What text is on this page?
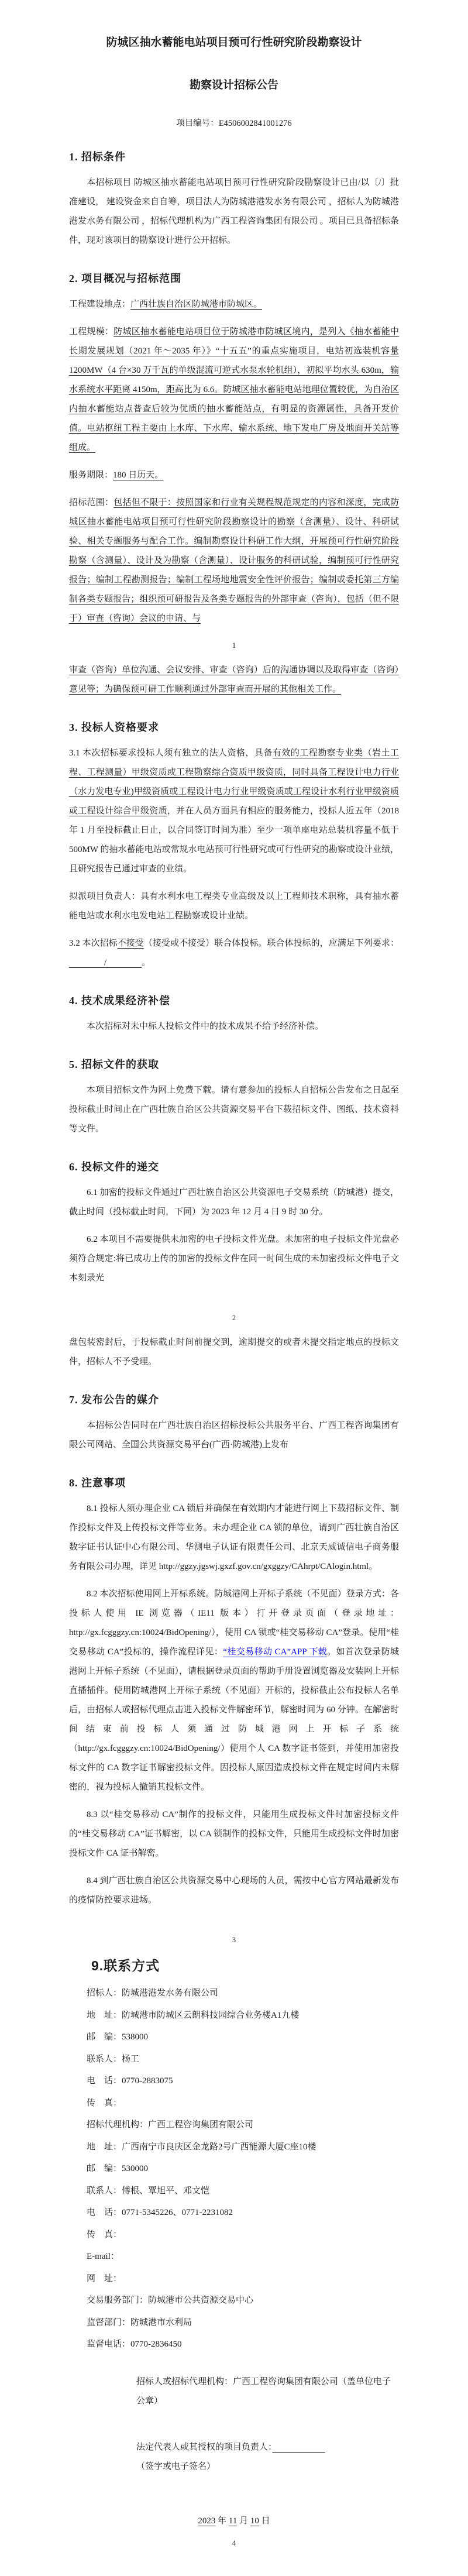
防城区抽水蓄能电站项目预可行性研究阶段勘察设计
勘察设计招标公告

项目编号：E4506002841001276

1. 招标条件

本招标项目 防城区抽水蓄能电站项目预可行性研究阶段勘察设计已由/以〔/〕批准建设， 建设资金来自自筹，项目法人为防城港港发水务有限公司 ，招标人为防城港港发水务有限公司 ，招标代理机构为广西工程咨询集团有限公司 。项目已具备招标条件，现对该项目的勘察设计进行公开招标。

2. 项目概况与招标范围

工程建设地点：广西壮族自治区防城港市防城区。

工程规模：防城区抽水蓄能电站项目位于防城港市防城区境内，是列入《抽水蓄能中长期发展规划（2021 年～2035 年）》“十五五”的重点实施项目，电站初选装机容量 1200MW（4 台×30 万千瓦的单级混流可逆式水泵水轮机组），初拟平均水头 630m，输水系统水平距离 4150m，距高比为 6.6。防城区抽水蓄能电站地理位置较优，为自治区内抽水蓄能站点普查后较为优质的抽水蓄能站点，有明显的资源属性，具备开发价值。电站枢纽工程主要由上水库、下水库、输水系统、地下发电厂房及地面开关站等组成。

服务期限：180 日历天。

招标范围：包括但不限于：按照国家和行业有关规程规范规定的内容和深度，完成防城区抽水蓄能电站项目预可行性研究阶段勘察设计的勘察（含测量）、设计、科研试验、相关专题服务与配合工作。编制勘察设计科研工作大纲，开展预可行性研究阶段勘察（含测量）、设计及为勘察（含测量）、设计服务的科研试验，编制预可行性研究报告；编制工程勘测报告；编制工程场地地震安全性评价报告；编制或委托第三方编制各类专题报告；组织预可研报告及各类专题报告的外部审查（咨询），包括（但不限于）审查（咨询）会议的申请、与

1

审查（咨询）单位沟通、会议安排、审查（咨询）后的沟通协调以及取得审查（咨询）意见等；为确保预可研工作顺利通过外部审查而开展的其他相关工作。

3. 投标人资格要求

3.1 本次招标要求投标人须有独立的法人资格，具备有效的工程勘察专业类（岩土工程、工程测量）甲级资质或工程勘察综合资质甲级资质，同时具备工程设计电力行业（水力发电专业)甲级资质或工程设计电力行业甲级资质或工程设计水利行业甲级资质或工程设计综合甲级资质，并在人员方面具有相应的服务能力，投标人近五年（2018 年 1 月至投标截止日止，以合同签订时间为准）至少一项单座电站总装机容量不低于 500MW 的抽水蓄能电站或常规水电站预可行性研究或可行性研究的勘察或设计业绩，且研究报告已通过审查的业绩。

拟派项目负责人：具有水利水电工程类专业高级及以上工程师技术职称，具有抽水蓄能电站或水利水电发电站工程勘察或设计业绩。

3.2 本次招标不接受（接受或不接受）联合体投标。联合体投标的，应满足下列要求： 　　　　/　　　　。

4. 技术成果经济补偿

本次招标对未中标人投标文件中的技术成果不给予经济补偿。

5. 招标文件的获取

本项目招标文件为网上免费下载。请有意参加的投标人自招标公告发布之日起至投标截止时间止在广西壮族自治区公共资源交易平台下载招标文件、图纸、技术资料等文件。

6. 投标文件的递交

6.1 加密的投标文件通过广西壮族自治区公共资源电子交易系统（防城港）提交，截止时间（投标截止时间，下同）为 2023 年 12 月 4 日 9 时 30 分。

6.2 本项目不需要提供未加密的电子投标文件光盘。未加密的电子投标文件光盘必须符合规定:将已成功上传的加密的投标文件在同一时间生成的未加密投标文件电子文本刻录光

2

盘包装密封后，于投标截止时间前提交到，逾期提交的或者未提交指定地点的投标文件，招标人不予受理。

7. 发布公告的媒介

本招标公告同时在广西壮族自治区招标投标公共服务平台、广西工程咨询集团有限公司网站、全国公共资源交易平台(广西·防城港)上发布

8. 注意事项

8.1 投标人须办理企业 CA 锁后并确保在有效期内才能进行网上下载招标文件、制作投标文件及上传投标文件等业务。未办理企业 CA 锁的单位，请到广西壮族自治区数字证书认证中心有限公司、华测电子认证有限责任公司、北京天威诚信电子商务服务有限公司办理，详见 http://ggzy.jgswj.gxzf.gov.cn/gxggzy/CAhrpt/CAlogin.html。

8.2 本次招标使用网上开标系统。防城港网上开标子系统（不见面）登录方式：各投标人使用 IE 浏览器（IE11 版本）打开登录页面（登录地址：http://gx.fcgggzy.cn:10024/BidOpening/），使用 CA 锁或“桂交易移动 CA”登录。使用“桂交易移动 CA”投标的，操作流程详见：“桂交易移动 CA”APP 下载。如首次登录防城港网上开标子系统（不见面），请根据登录页面的帮助手册设置浏览器及安装网上开标直播插件。使用防城港网上开标子系统（不见面）开标的，投标截止公布投标人名单后，由招标人或招标代理点击进入投标文件解密环节，解密时间为 60 分钟。在解密时间结束前投标人须通过防城港网上开标子系统（http://gx.fcgggzy.cn:10024/BidOpening/）使用个人 CA 数字证书签到，并使用加密投标文件的 CA 数字证书解密投标文件。因投标人原因造成投标文件在规定时间内未解密的，视为投标人撤销其投标文件。

8.3 以“桂交易移动 CA”制作的投标文件，只能用生成投标文件时加密投标文件的“桂交易移动 CA”证书解密，以 CA 锁制作的投标文件，只能用生成投标文件时加密投标文件 CA 证书解密。

8.4 到广西壮族自治区公共资源交易中心现场的人员，需按中心官方网站最新发布的疫情防控要求进场。

3
9.联系方式

招标人：防城港港发水务有限公司

地　址：防城港市防城区云朗科技园综合业务楼A1九楼

邮　编：538000

联系人：杨工

电　话：0770-2883075

传　真：

招标代理机构：广西工程咨询集团有限公司

地　址：广西南宁市良庆区金龙路2号广西能源大厦C座10楼

邮　编：530000

联系人：傅根、覃旭平、邓文恺

电　话：0771-5345226、0771-2231082

传　真：

E-mail：

网　址：

交易服务部门：防城港市公共资源交易中心

监督部门：防城港市水利局

监督电话：0770-2836450

招标人或招标代理机构：广西工程咨询集团有限公司（盖单位电子公章）

法定代表人或其授权的项目负责人：　　　　　　（签字或电子签名）

2023 年 11 月 10 日

4
